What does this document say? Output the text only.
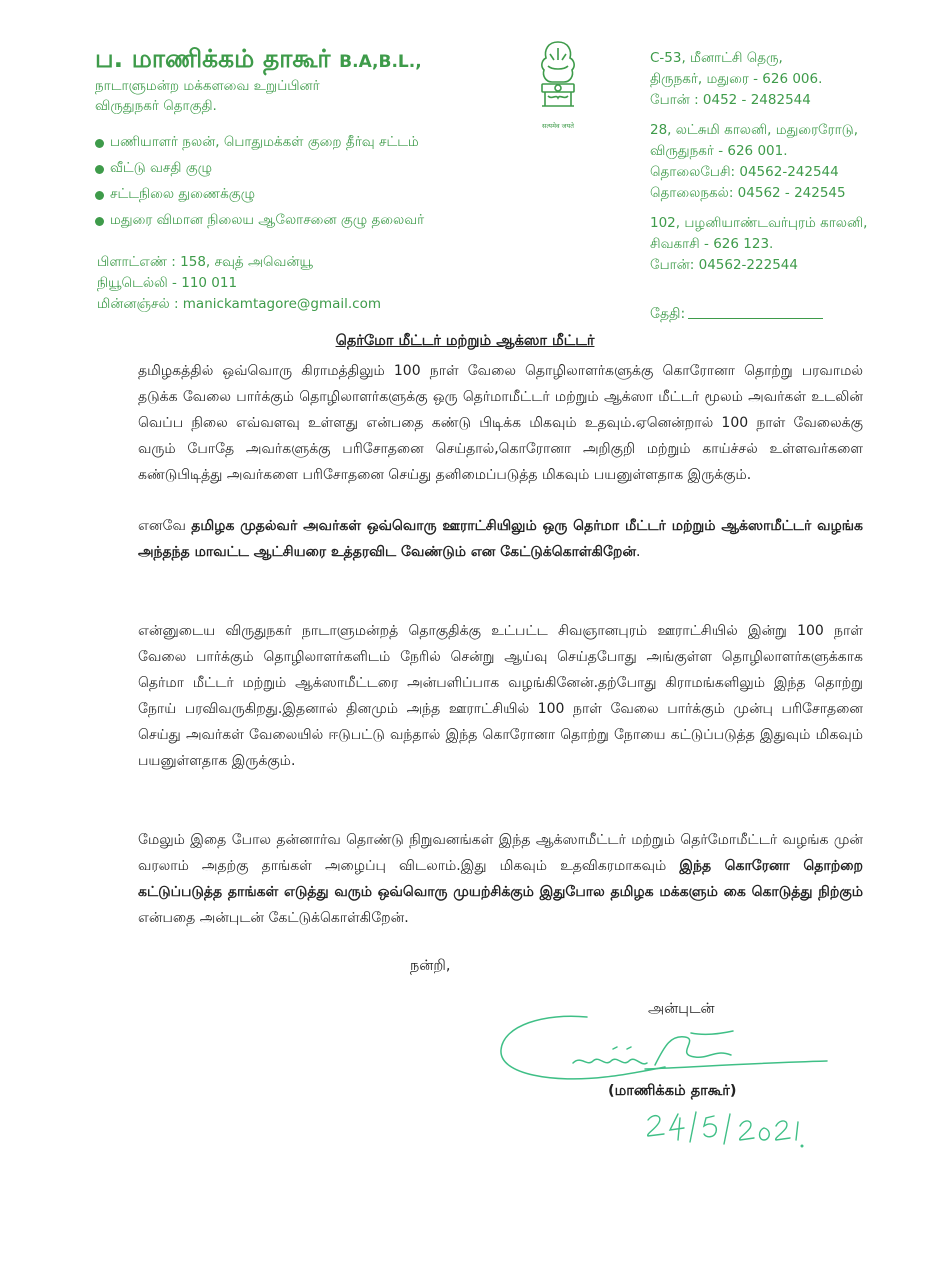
ப. மாணிக்கம் தாகூர் B.A,B.L.,
நாடாளுமன்ற மக்களவை உறுப்பினர்
விருதுநகர் தொகுதி.
பணியாளர் நலன், பொதுமக்கள் குறை தீர்வு சட்டம்
வீட்டு வசதி குழு
சட்டநிலை துணைக்குழு
மதுரை விமான நிலைய ஆலோசனை குழு தலைவர்
பிளாட்எண் : 158, சவுத் அவென்யூ
நியூடெல்லி - 110 011
மின்னஞ்சல் : manickamtagore@gmail.com
सत्यमेव जयते
C-53, மீனாட்சி தெரு,
திருநகர், மதுரை - 626 006.
போன் : 0452 - 2482544
28, லட்சுமி காலனி, மதுரைரோடு,
விருதுநகர் - 626 001.
தொலைபேசி: 04562-242544
தொலைநகல்: 04562 - 242545
102, பழனியாண்டவர்புரம் காலனி,
சிவகாசி - 626 123.
போன்: 04562-222544
தேதி:
தெர்மோ மீட்டர் மற்றும் ஆக்ஸா மீட்டர்
தமிழகத்தில் ஒவ்வொரு கிராமத்திலும் 100 நாள் வேலை தொழிலாளர்களுக்கு கொரோனா தொற்று பரவாமல் தடுக்க வேலை பார்க்கும் தொழிலாளர்களுக்கு ஒரு தெர்மாமீட்டர் மற்றும் ஆக்ஸா மீட்டர் மூலம் அவர்கள் உடலின் வெப்ப நிலை எவ்வளவு உள்ளது என்பதை கண்டு பிடிக்க மிகவும் உதவும்.ஏனென்றால் 100 நாள் வேலைக்கு வரும் போதே அவர்களுக்கு பரிசோதனை செய்தால்,கொரோனா அறிகுறி மற்றும் காய்ச்சல் உள்ளவர்களை கண்டுபிடித்து அவர்களை பரிசோதனை செய்து தனிமைப்படுத்த மிகவும் பயனுள்ளதாக இருக்கும்.
எனவே தமிழக முதல்வர் அவர்கள் ஒவ்வொரு ஊராட்சியிலும் ஒரு தெர்மா மீட்டர் மற்றும் ஆக்ஸாமீட்டர் வழங்க அந்தந்த மாவட்ட ஆட்சியரை உத்தரவிட வேண்டும் என கேட்டுக்கொள்கிறேன்.
என்னுடைய விருதுநகர் நாடாளுமன்றத் தொகுதிக்கு உட்பட்ட சிவஞானபுரம் ஊராட்சியில் இன்று 100 நாள் வேலை பார்க்கும் தொழிலாளர்களிடம் நேரில் சென்று ஆய்வு செய்தபோது அங்குள்ள தொழிலாளர்களுக்காக தெர்மா மீட்டர் மற்றும் ஆக்ஸாமீட்டரை அன்பளிப்பாக வழங்கினேன்.தற்போது கிராமங்களிலும் இந்த தொற்று நோய் பரவிவருகிறது.இதனால் தினமும் அந்த ஊராட்சியில் 100 நாள் வேலை பார்க்கும் முன்பு பரிசோதனை செய்து அவர்கள் வேலையில் ஈடுபட்டு வந்தால் இந்த கொரோனா தொற்று நோயை கட்டுப்படுத்த இதுவும் மிகவும் பயனுள்ளதாக இருக்கும்.
மேலும் இதை போல தன்னார்வ தொண்டு நிறுவனங்கள் இந்த ஆக்ஸாமீட்டர் மற்றும் தெர்மோமீட்டர் வழங்க முன் வரலாம் அதற்கு தாங்கள் அழைப்பு விடலாம்.இது மிகவும் உதவிகரமாகவும் இந்த கொரேனா தொற்றை கட்டுப்படுத்த தாங்கள் எடுத்து வரும் ஒவ்வொரு முயற்சிக்கும் இதுபோல தமிழக மக்களும் கை கொடுத்து நிற்கும் என்பதை அன்புடன் கேட்டுக்கொள்கிறேன்.
நன்றி,
அன்புடன்
(மாணிக்கம் தாகூர்)
24/5/2021
